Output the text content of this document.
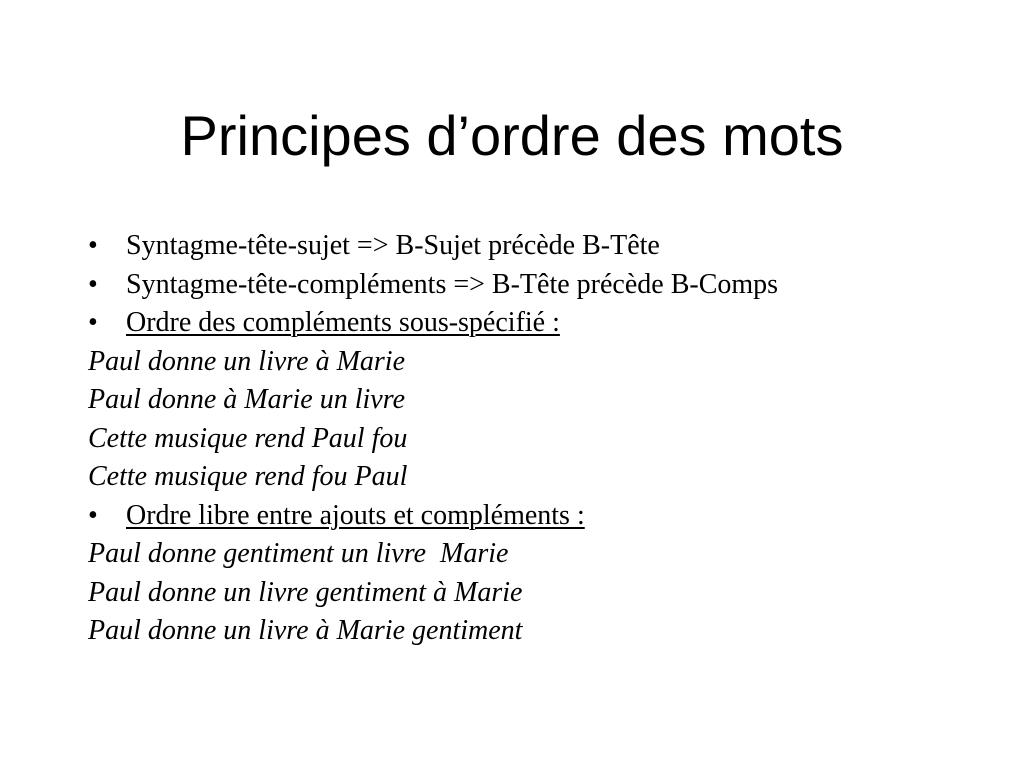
Principes d’ordre des mots

• Syntagme-tête-sujet => B-Sujet précède B-Tête

• Syntagme-tête-compléments => B-Tête précède B-Comps

• Ordre des compléments sous-spécifié :

Paul donne un livre à Marie

Paul donne à Marie un livre

Cette musique rend Paul fou

Cette musique rend fou Paul

• Ordre libre entre ajouts et compléments :

Paul donne gentiment un livre  Marie

Paul donne un livre gentiment à Marie

Paul donne un livre à Marie gentiment
